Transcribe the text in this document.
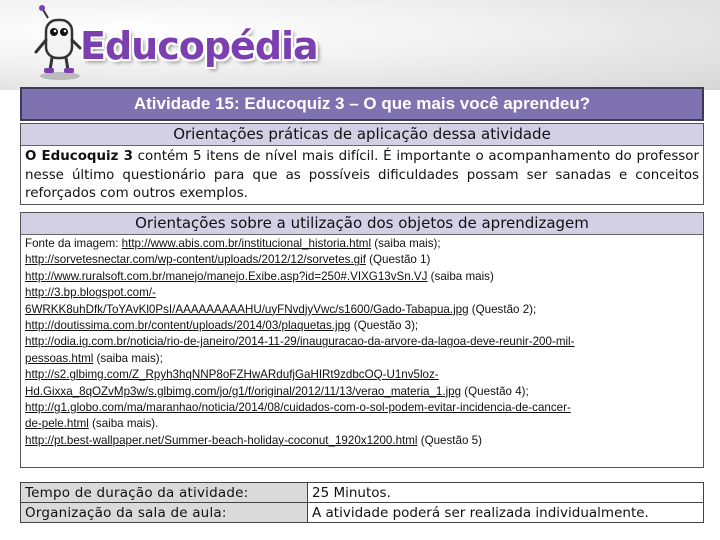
Educopédia
Atividade 15: Educoquiz 3 – O que mais você aprendeu?
Orientações práticas de aplicação dessa atividade
O Educoquiz 3 contém 5 itens de nível mais difícil. É importante o acompanhamento do professor nesse último questionário para que as possíveis dificuldades possam ser sanadas e conceitos reforçados com outros exemplos.
Orientações sobre a utilização dos objetos de aprendizagem
Fonte da imagem: http://www.abis.com.br/institucional_historia.html (saiba mais);
http://sorvetesnectar.com/wp-content/uploads/2012/12/sorvetes.gif (Questão 1)
http://www.ruralsoft.com.br/manejo/manejo.Exibe.asp?id=250#.VIXG13vSn.VJ (saiba mais)
http://3.bp.blogspot.com/-
6WRKK8uhDfk/ToYAvKl0PsI/AAAAAAAAAHU/uyFNvdjyVwc/s1600/Gado-Tabapua.jpg (Questão 2);
http://doutissima.com.br/content/uploads/2014/03/plaquetas.jpg (Questão 3);
http://odia.ig.com.br/noticia/rio-de-janeiro/2014-11-29/inauguracao-da-arvore-da-lagoa-deve-reunir-200-mil-
pessoas.html (saiba mais);
http://s2.glbimg.com/Z_Rpyh3hqNNP8oFZHwARdufjGaHIRt9zdbcOQ-U1nv5loz-
Hd.Gixxa_8qOZvMp3w/s.glbimg.com/jo/g1/f/original/2012/11/13/verao_materia_1.jpg (Questão 4);
http://g1.globo.com/ma/maranhao/noticia/2014/08/cuidados-com-o-sol-podem-evitar-incidencia-de-cancer-
de-pele.html (saiba mais).
http://pt.best-wallpaper.net/Summer-beach-holiday-coconut_1920x1200.html (Questão 5)
Tempo de duração da atividade:	25 Minutos.
Organização da sala de aula:	A atividade poderá ser realizada individualmente.
